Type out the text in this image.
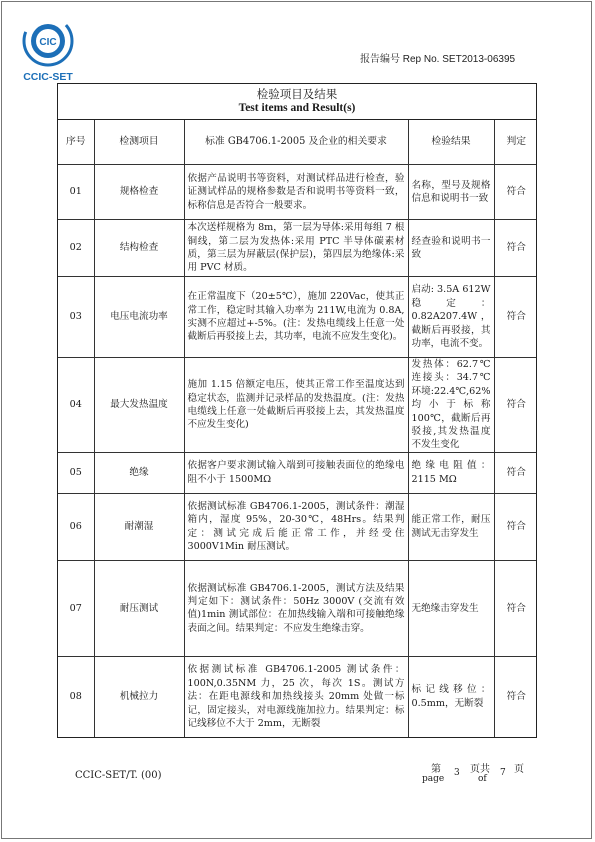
CIC
CCIC-SET
报告编号 Rep No. SET2013-06395
检验项目及结果
Test items and Result(s)
序号	检测项目	标准 GB4706.1-2005 及企业的相关要求	检验结果	判定
01	规格检查	依据产品说明书等资料，对测试样品进行检查，验证测试样品的规格参数是否和说明书等资料一致，标称信息是否符合一般要求。	名称，型号及规格信息和说明书一致	符合
02	结构检查	本次送样规格为 8m，第一层为导体:采用每组 7 根铜线，第二层为发热体:采用 PTC 半导体碳素材质，第三层为屏蔽层(保护层)，第四层为绝缘体:采用 PVC 材质。	经查验和说明书一致	符合
03	电压电流功率	在正常温度下（20±5℃），施加 220Vac，使其正常工作，稳定时其输入功率为 211W,电流为 0.8A,实测不应超过+-5%。(注：发热电缆线上任意一处截断后再驳接上去，其功率，电流不应发生变化)。	启动: 3.5A 612W 稳定：0.82A207.4W，截断后再驳接，其功率，电流不变。	符合
04	最大发热温度	施加 1.15 倍额定电压，使其正常工作至温度达到稳定状态，监测并记录样品的发热温度。(注：发热电缆线上任意一处截断后再驳接上去，其发热温度不应发生变化)	发热体：62.7℃ 连接头：34.7℃ 环境:22.4℃,62% 均小于标称 100℃，截断后再驳接,其发热温度不发生变化	符合
05	绝缘	依据客户要求测试输入端到可接触表面位的绝缘电阻不小于 1500MΩ	绝缘电阻值：2115 MΩ	符合
06	耐潮湿	依据测试标准 GB4706.1-2005，测试条件：潮湿箱内，湿度 95%，20-30℃，48Hrs。结果判定：测试完成后能正常工作，并经受住 3000V1Min 耐压测试。	能正常工作，耐压测试无击穿发生	符合
07	耐压测试	依据测试标准 GB4706.1-2005，测试方法及结果判定如下：测试条件：50Hz 3000V (交流有效值)1min 测试部位：在加热线输入端和可接触绝缘表面之间。结果判定：不应发生绝缘击穿。	无绝缘击穿发生	符合
08	机械拉力	依据测试标准 GB4706.1-2005 测试条件：100N,0.35NM 力，25 次，每次 1S。测试方法：在距电源线和加热线接头 20mm 处做一标记，固定接头，对电源线施加拉力。结果判定：标记线移位不大于 2mm，无断裂	标记线移位：0.5mm，无断裂	符合
CCIC-SET/T. (00)
第	页共 页
page	of
3	7
